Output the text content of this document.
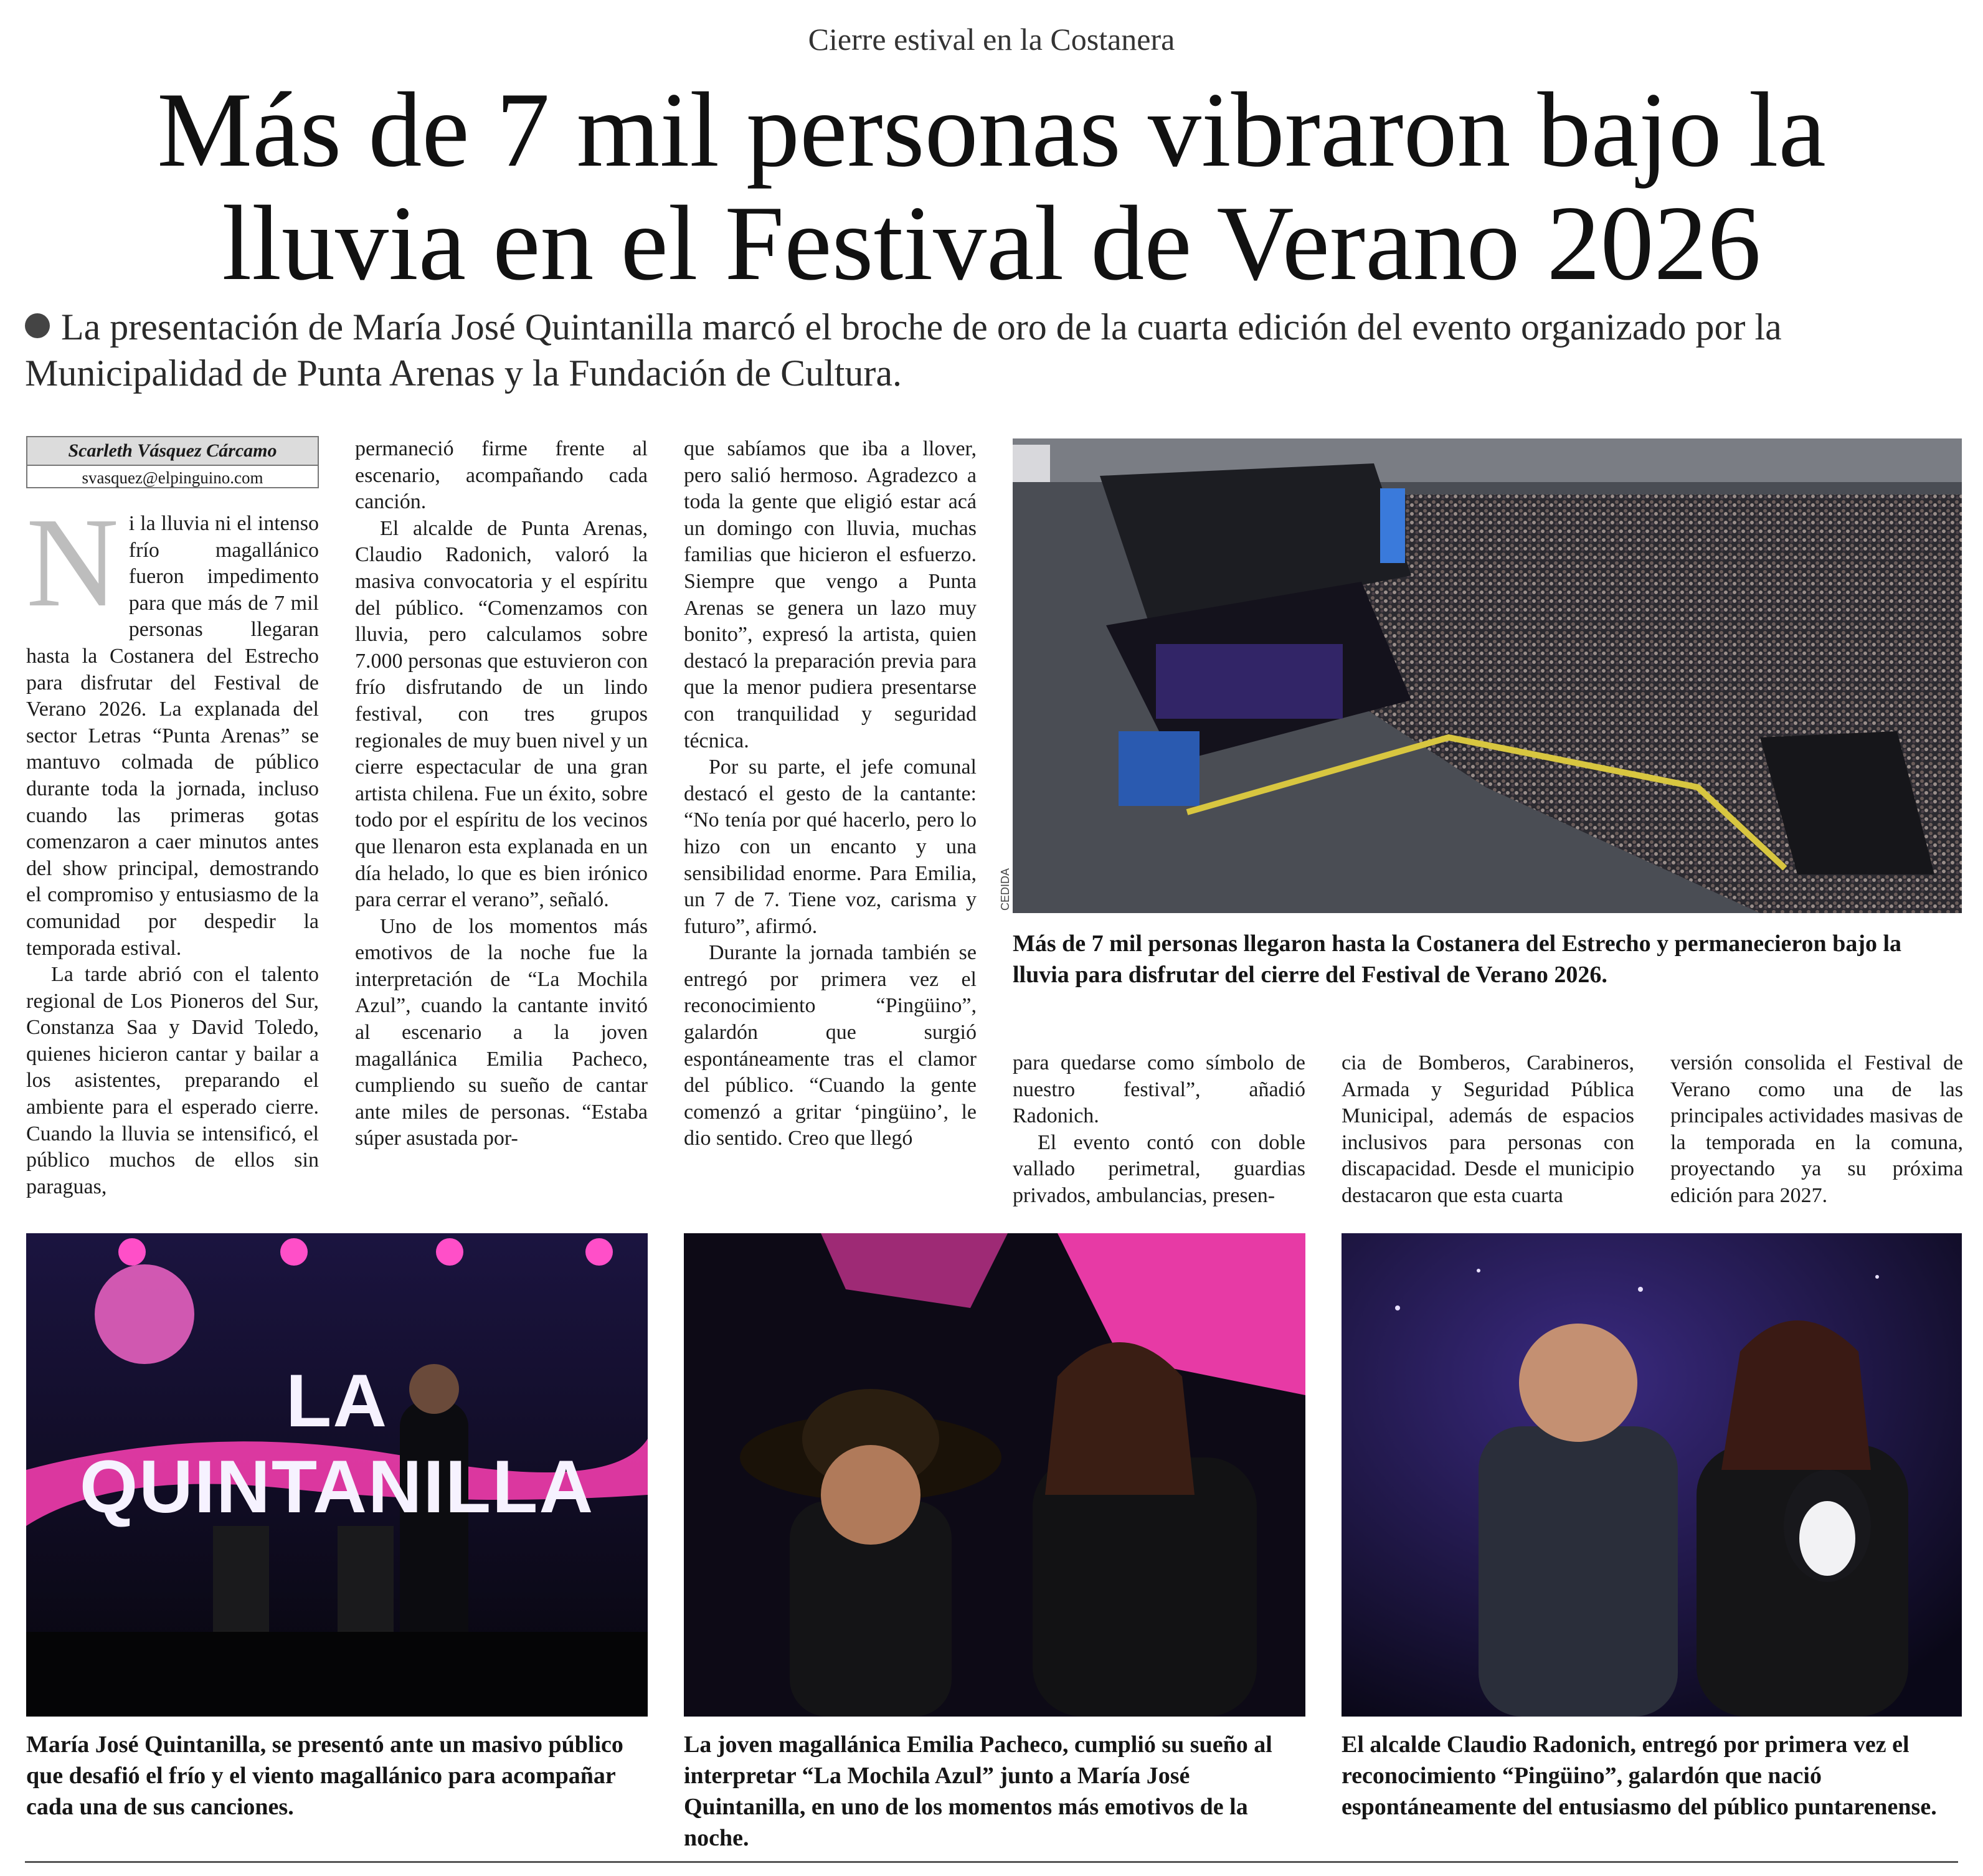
Cierre estival en la Costanera
Más de 7 mil personas vibraron bajo la lluvia en el Festival de Verano 2026
La presentación de María José Quintanilla marcó el broche de oro de la cuarta edición del evento organizado por la Municipalidad de Punta Arenas y la Fundación de Cultura.
Scarleth Vásquez Cárcamo
svasquez@elpinguino.com

Ni la lluvia ni el intenso frío magallánico fueron impedimento para que más de 7 mil personas llegaran hasta la Costanera del Estrecho para disfrutar del Festival de Verano 2026. La explanada del sector Letras “Punta Arenas” se mantuvo colmada de público durante toda la jornada, incluso cuando las primeras gotas comenzaron a caer minutos antes del show principal, demostrando el compromiso y entusiasmo de la comunidad por despedir la temporada estival.

La tarde abrió con el talento regional de Los Pioneros del Sur, Constanza Saa y David Toledo, quienes hicieron cantar y bailar a los asistentes, preparando el ambiente para el esperado cierre. Cuando la lluvia se intensificó, el público muchos de ellos sin paraguas,

permaneció firme frente al escenario, acompañando cada canción.

El alcalde de Punta Arenas, Claudio Radonich, valoró la masiva convocatoria y el espíritu del público. “Comenzamos con lluvia, pero calculamos sobre 7.000 personas que estuvieron con frío disfrutando de un lindo festival, con tres grupos regionales de muy buen nivel y un cierre espectacular de una gran artista chilena. Fue un éxito, sobre todo por el espíritu de los vecinos que llenaron esta explanada en un día helado, lo que es bien irónico para cerrar el verano”, señaló.

Uno de los momentos más emotivos de la noche fue la interpretación de “La Mochila Azul”, cuando la cantante invitó al escenario a la joven magallánica Emilia Pacheco, cumpliendo su sueño de cantar ante miles de personas. “Estaba súper asustada por-

que sabíamos que iba a llover, pero salió hermoso. Agradezco a toda la gente que eligió estar acá un domingo con lluvia, muchas familias que hicieron el esfuerzo. Siempre que vengo a Punta Arenas se genera un lazo muy bonito”, expresó la artista, quien destacó la preparación previa para que la menor pudiera presentarse con tranquilidad y seguridad técnica.

Por su parte, el jefe comunal destacó el gesto de la cantante: “No tenía por qué hacerlo, pero lo hizo con un encanto y una sensibilidad enorme. Para Emilia, un 7 de 7. Tiene voz, carisma y futuro”, afirmó.

Durante la jornada también se entregó por primera vez el reconocimiento “Pingüino”, galardón que surgió espontáneamente tras el clamor del público. “Cuando la gente comenzó a gritar ‘pingüino’, le dio sentido. Creo que llegó

CEDIDA
Más de 7 mil personas llegaron hasta la Costanera del Estrecho y permanecieron bajo la lluvia para disfrutar del cierre del Festival de Verano 2026.

para quedarse como símbolo de nuestro festival”, añadió Radonich.

El evento contó con doble vallado perimetral, guardias privados, ambulancias, presen-

cia de Bomberos, Carabineros, Armada y Seguridad Pública Municipal, además de espacios inclusivos para personas con discapacidad. Desde el municipio destacaron que esta cuarta

versión consolida el Festival de Verano como una de las principales actividades masivas de la temporada en la comuna, proyectando ya su próxima edición para 2027.

LA QUINTANILLA
María José Quintanilla, se presentó ante un masivo público que desafió el frío y el viento magallánico para acompañar cada una de sus canciones.
La joven magallánica Emilia Pacheco, cumplió su sueño al interpretar “La Mochila Azul” junto a María José Quintanilla, en uno de los momentos más emotivos de la noche.
El alcalde Claudio Radonich, entregó por primera vez el reconocimiento “Pingüino”, galardón que nació espontáneamente del entusiasmo del público puntarenense.
